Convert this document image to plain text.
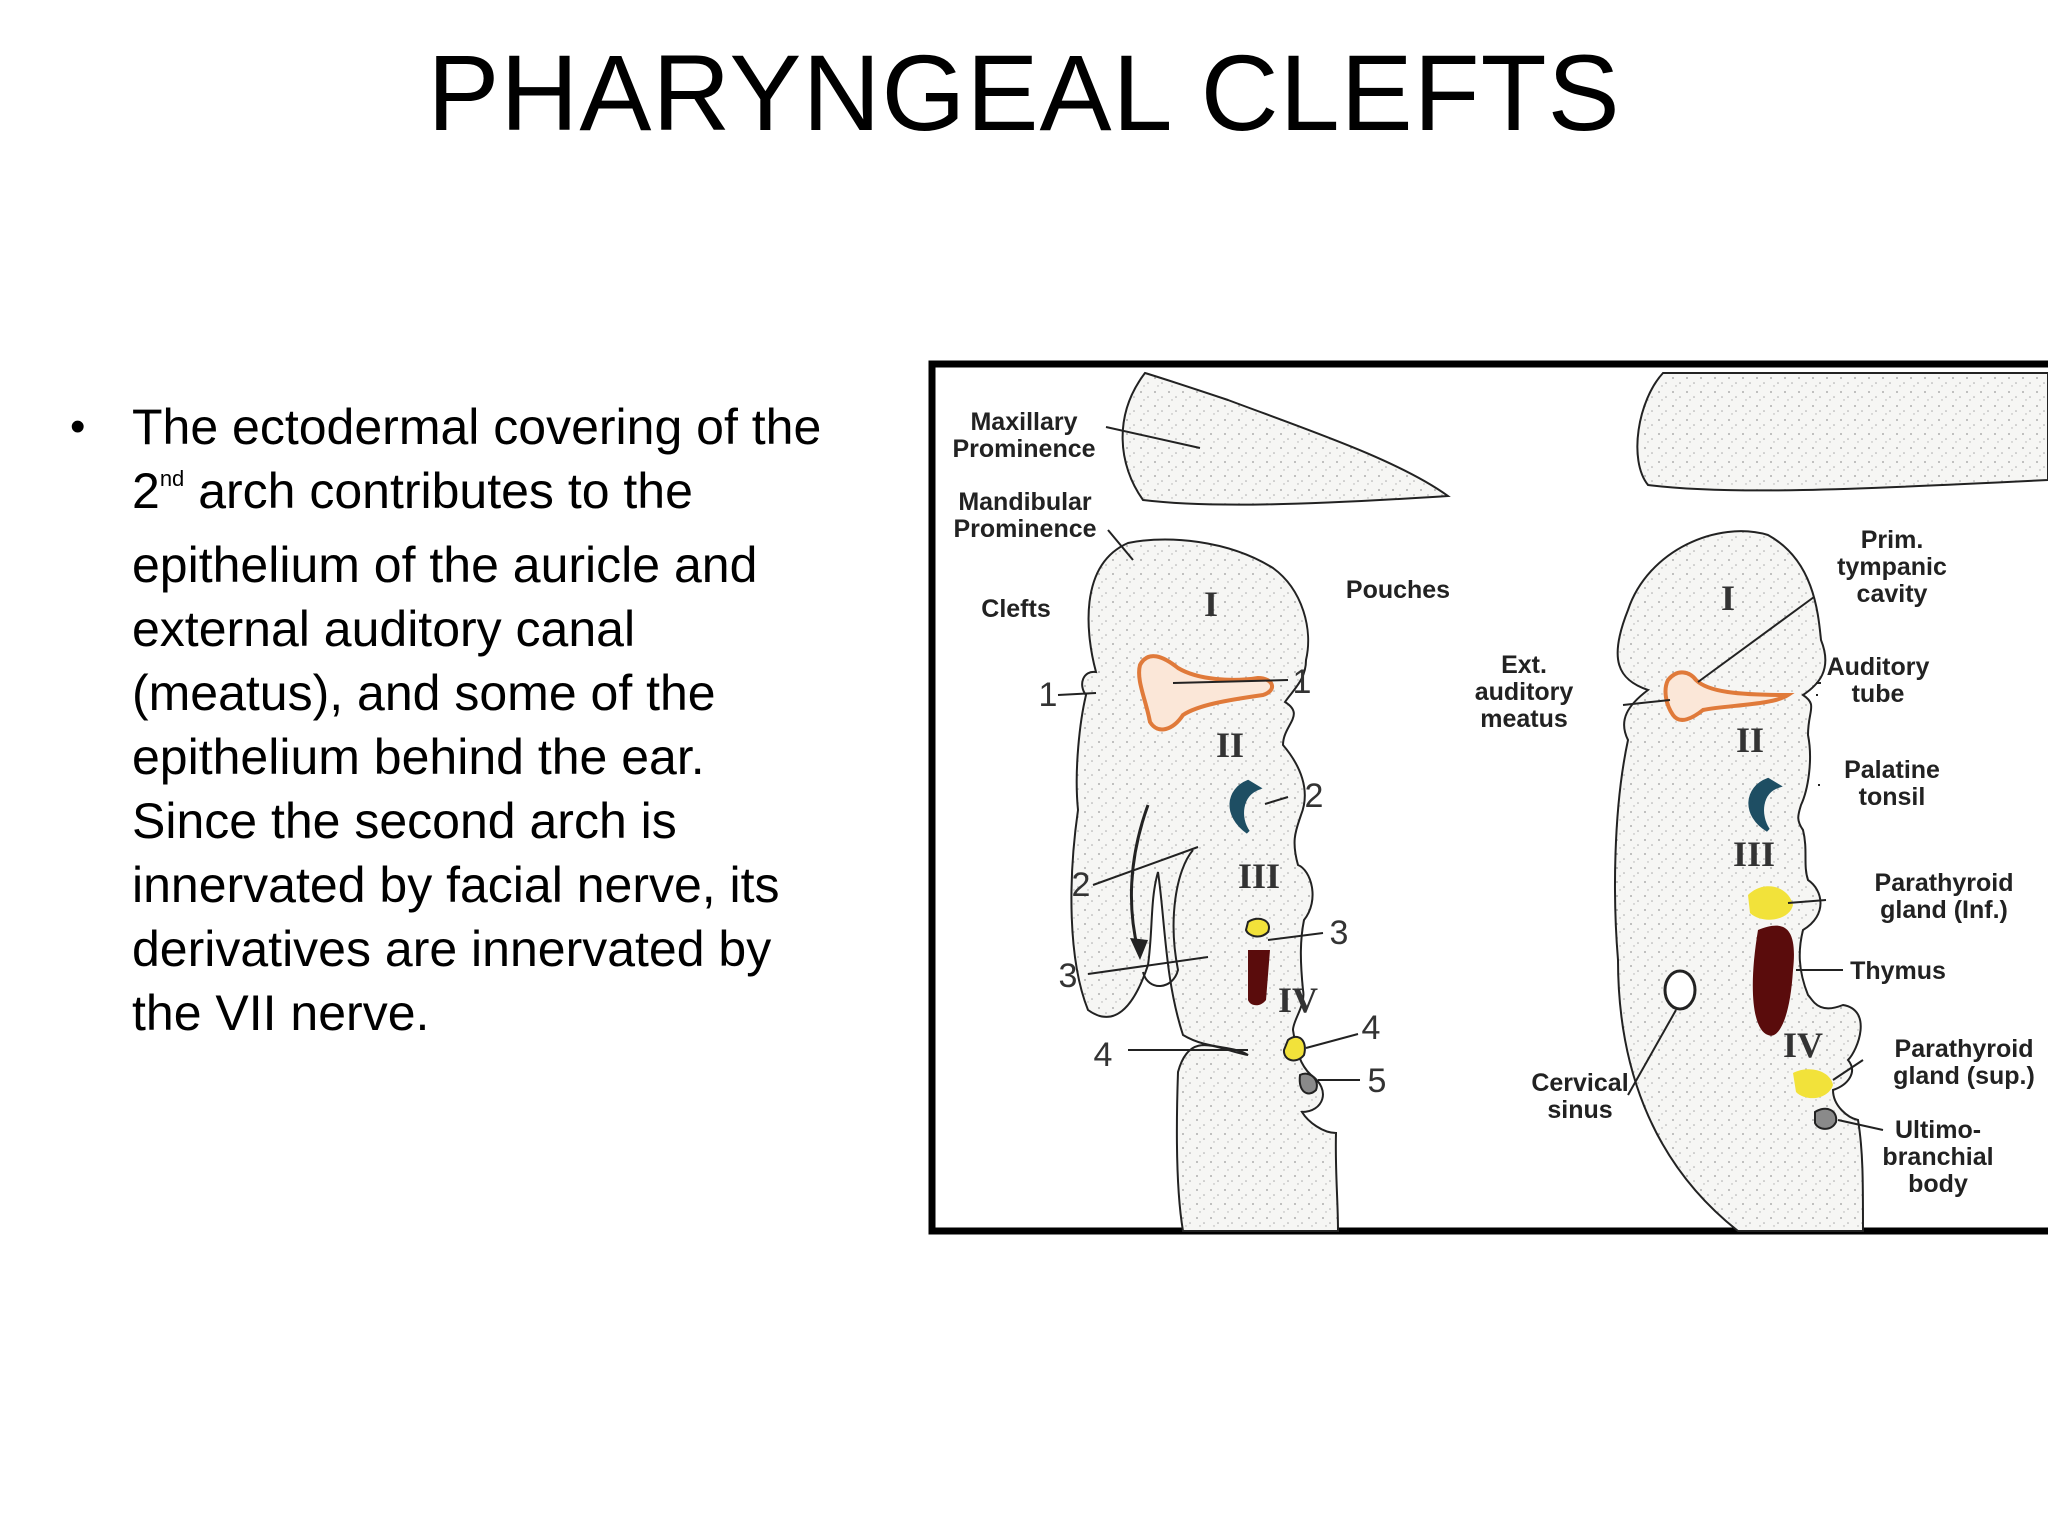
PHARYNGEAL CLEFTS
• The ectodermal covering of the
2nd arch contributes to the
epithelium of the auricle and
external auditory canal
(meatus), and some of the
epithelium behind the ear.
Since the second arch is
innervated by facial nerve, its
derivatives are innervated by
the VII nerve.
Maxillary
Prominence
Mandibular
Prominence
Clefts
Pouches
I
II
III
IV
1
2
3
4
1
2
3
4
5
I
II
III
IV
Prim.
tympanic
cavity
Ext.
auditory
meatus
Auditory
tube
Palatine
tonsil
Parathyroid
gland (Inf.)
Thymus
Parathyroid
gland (sup.)
Cervical
sinus
Ultimo-
branchial
body
